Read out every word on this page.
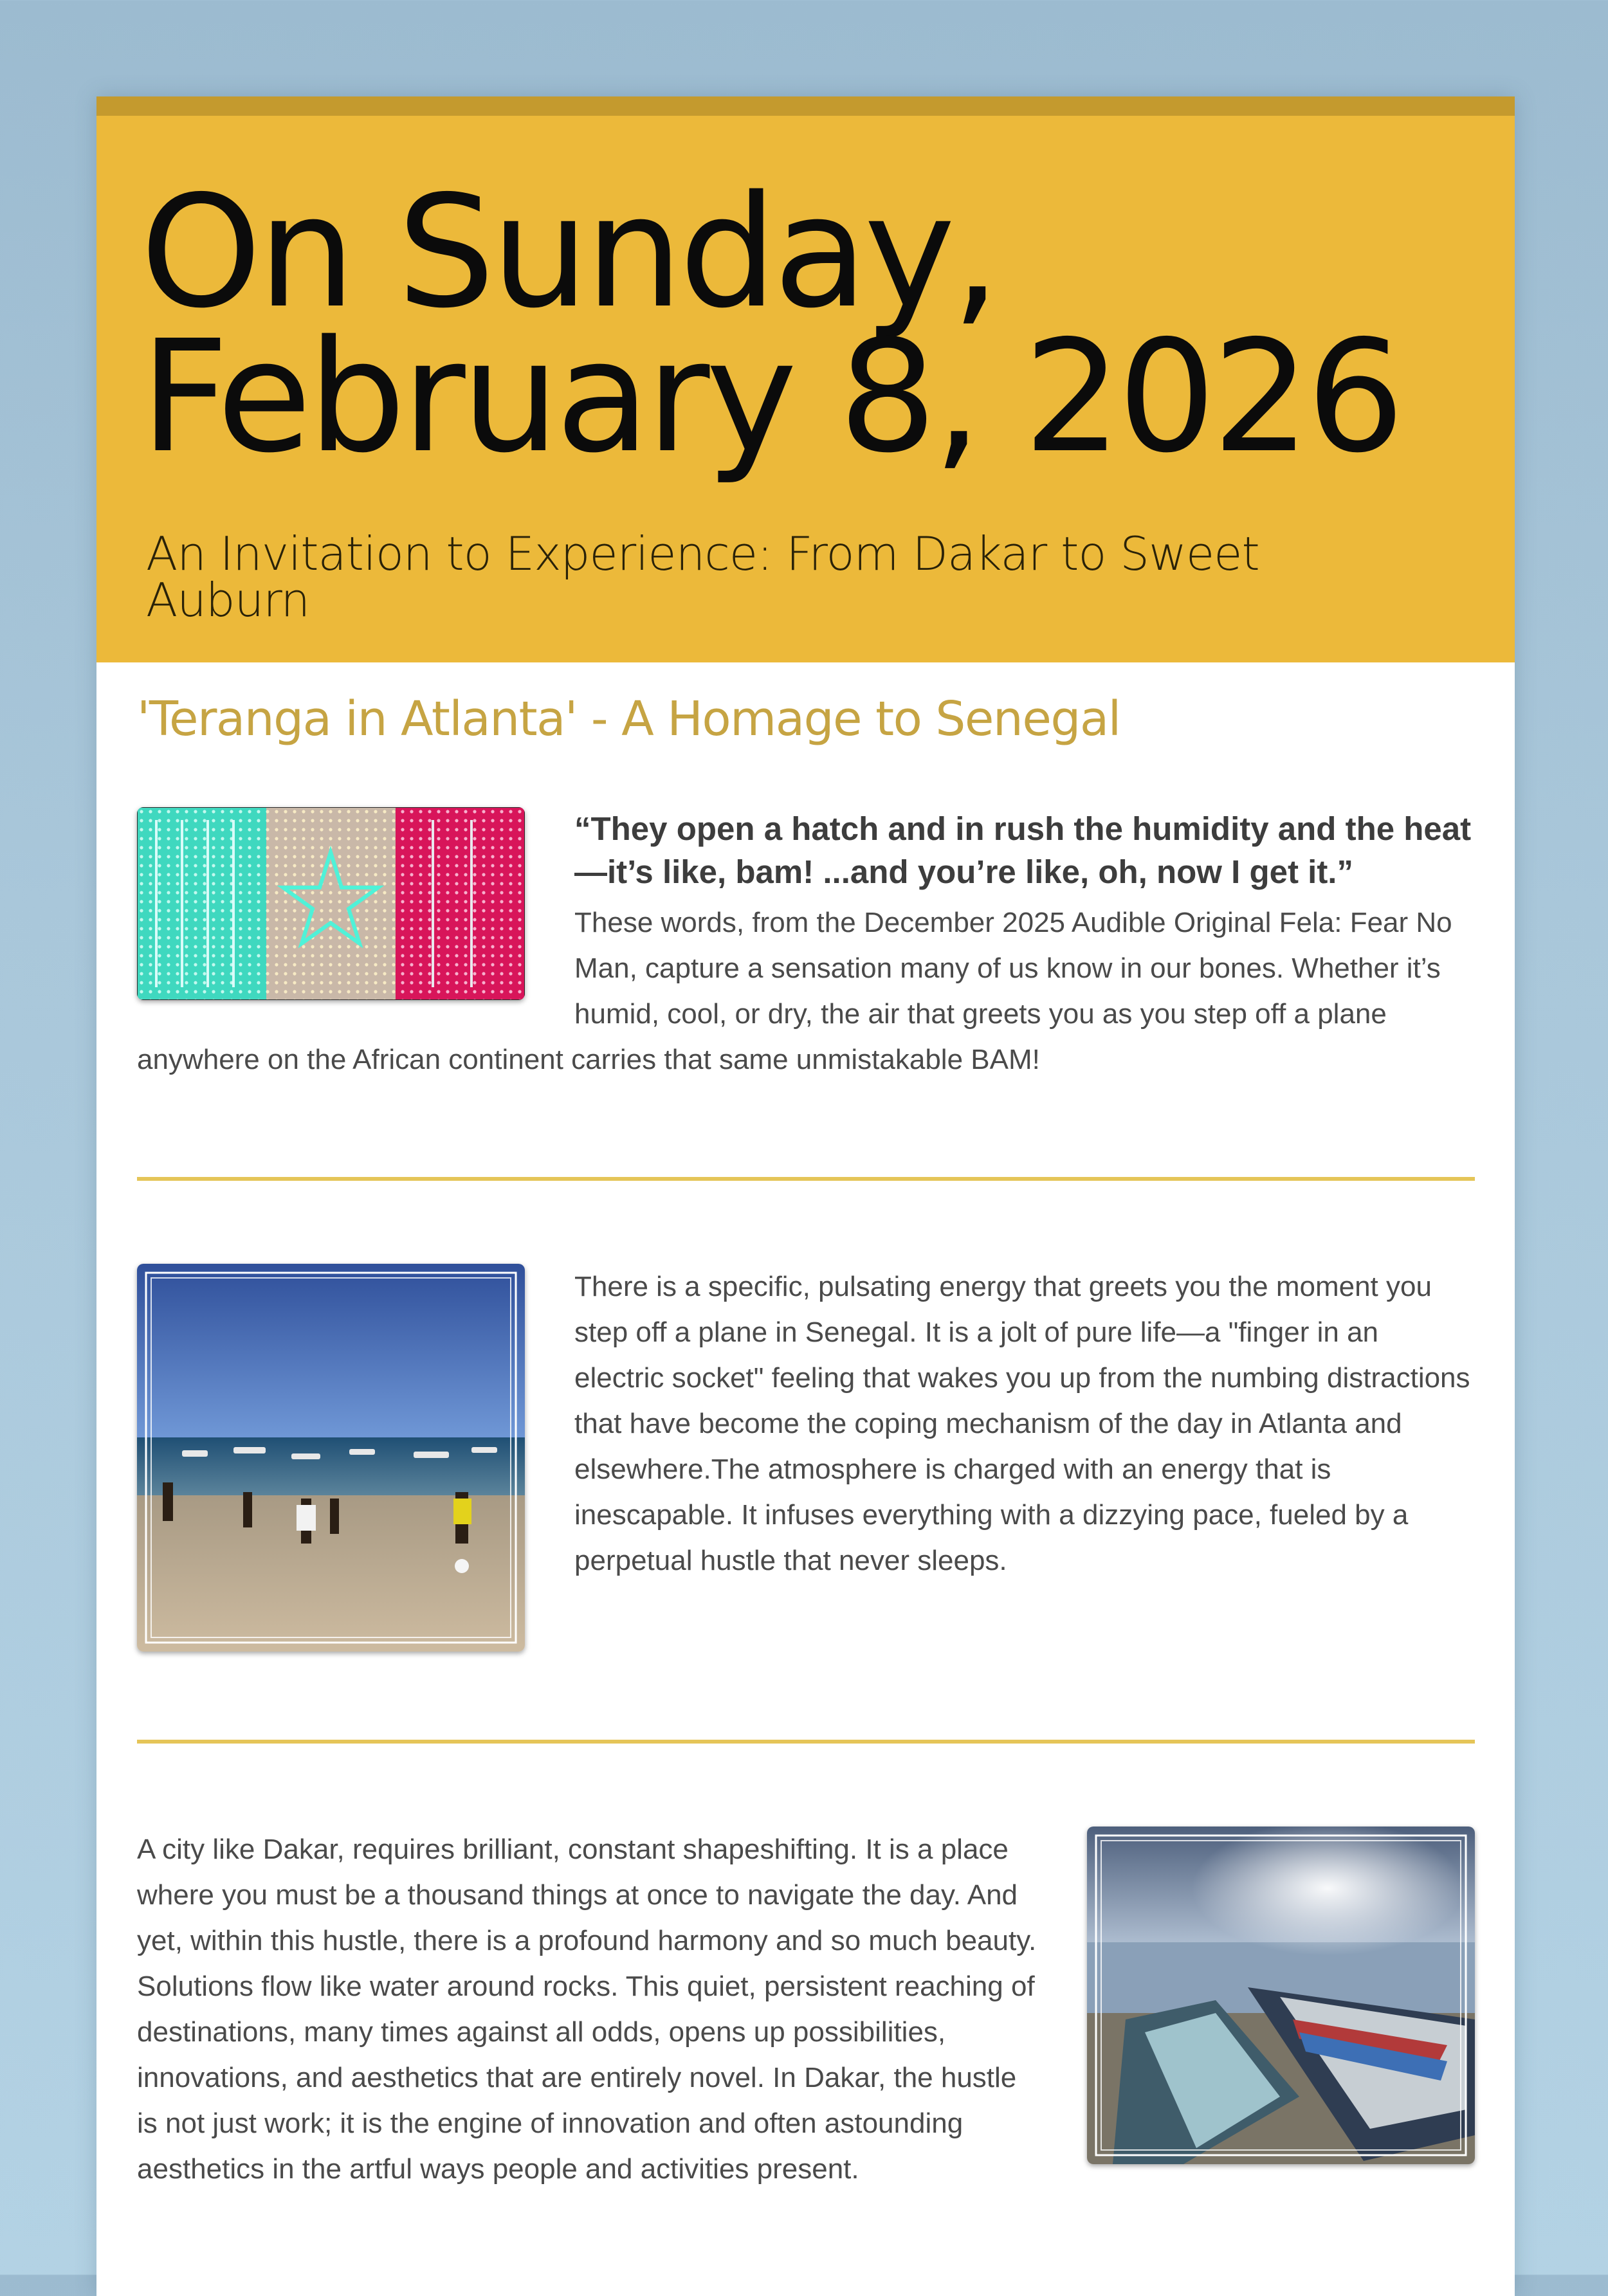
On Sunday,
February 8, 2026

An Invitation to Experience: From Dakar to Sweet Auburn

'Teranga in Atlanta' - A Homage to Senegal

“They open a hatch and in rush the humidity and the heat—it’s like, bam! ...and you’re like, oh, now I get it.”

These words, from the December 2025 Audible Original Fela: Fear No Man, capture a sensation many of us know in our bones. Whether it’s humid, cool, or dry, the air that greets you as you step off a plane anywhere on the African continent carries that same unmistakable BAM!

There is a specific, pulsating energy that greets you the moment you step off a plane in Senegal. It is a jolt of pure life—a "finger in an electric socket" feeling that wakes you up from the numbing distractions that have become the coping mechanism of the day in Atlanta and elsewhere.The atmosphere is charged with an energy that is inescapable. It infuses everything with a dizzying pace, fueled by a perpetual hustle that never sleeps.

A city like Dakar, requires brilliant, constant shapeshifting. It is a place where you must be a thousand things at once to navigate the day. And yet, within this hustle, there is a profound harmony and so much beauty. Solutions flow like water around rocks. This quiet, persistent reaching of destinations, many times against all odds, opens up possibilities, innovations, and aesthetics that are entirely novel. In Dakar, the hustle is not just work; it is the engine of innovation and often astounding aesthetics in the artful ways people and activities present.
